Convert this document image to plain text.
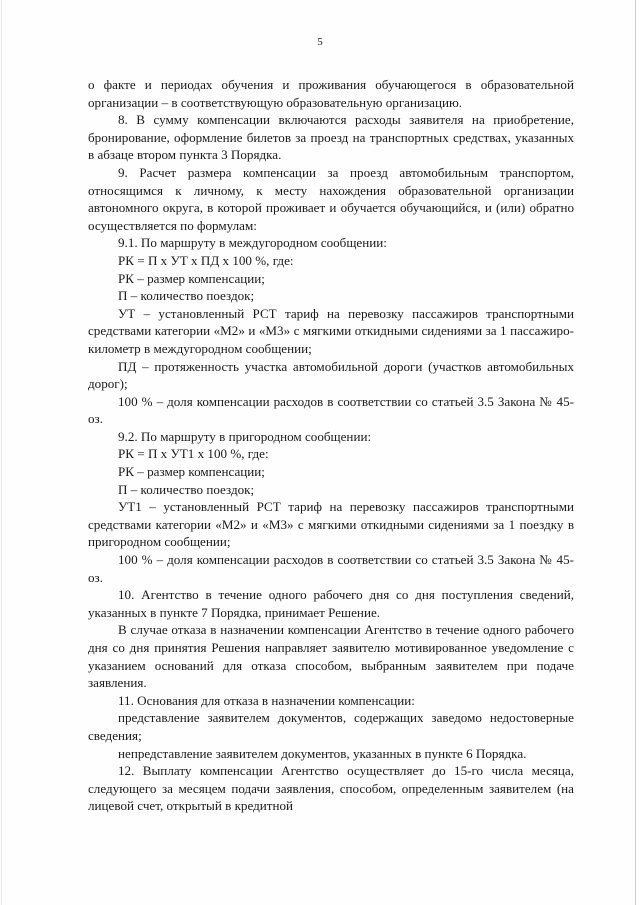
5

о факте и периодах обучения и проживания обучающегося в образовательной организации – в соответствующую образовательную организацию.

8. В сумму компенсации включаются расходы заявителя на приобретение, бронирование, оформление билетов за проезд на транспортных средствах, указанных в абзаце втором пункта 3 Порядка.

9. Расчет размера компенсации за проезд автомобильным транспортом, относящимся к личному, к месту нахождения образовательной организации автономного округа, в которой проживает и обучается обучающийся, и (или) обратно осуществляется по формулам:

9.1. По маршруту в междугородном сообщении:

РК = П х УТ х ПД х 100 %, где:

РК – размер компенсации;

П – количество поездок;

УТ – установленный РСТ тариф на перевозку пассажиров транспортными средствами категории «М2» и «М3» с мягкими откидными сидениями за 1 пассажиро-километр в междугородном сообщении;

ПД – протяженность участка автомобильной дороги (участков автомобильных дорог);

100 % – доля компенсации расходов в соответствии со статьей 3.5 Закона № 45-оз.

9.2. По маршруту в пригородном сообщении:

РК = П х УТ1 х 100 %, где:

РК – размер компенсации;

П – количество поездок;

УТ1 – установленный РСТ тариф на перевозку пассажиров транспортными средствами категории «М2» и «М3» с мягкими откидными сидениями за 1 поездку в пригородном сообщении;

100 % – доля компенсации расходов в соответствии со статьей 3.5 Закона № 45-оз.

10. Агентство в течение одного рабочего дня со дня поступления сведений, указанных в пункте 7 Порядка, принимает Решение.

В случае отказа в назначении компенсации Агентство в течение одного рабочего дня со дня принятия Решения направляет заявителю мотивированное уведомление с указанием оснований для отказа способом, выбранным заявителем при подаче заявления.

11. Основания для отказа в назначении компенсации:

представление заявителем документов, содержащих заведомо недостоверные сведения;

непредставление заявителем документов, указанных в пункте 6 Порядка.

12. Выплату компенсации Агентство осуществляет до 15-го числа месяца, следующего за месяцем подачи заявления, способом, определенным заявителем (на лицевой счет, открытый в кредитной
